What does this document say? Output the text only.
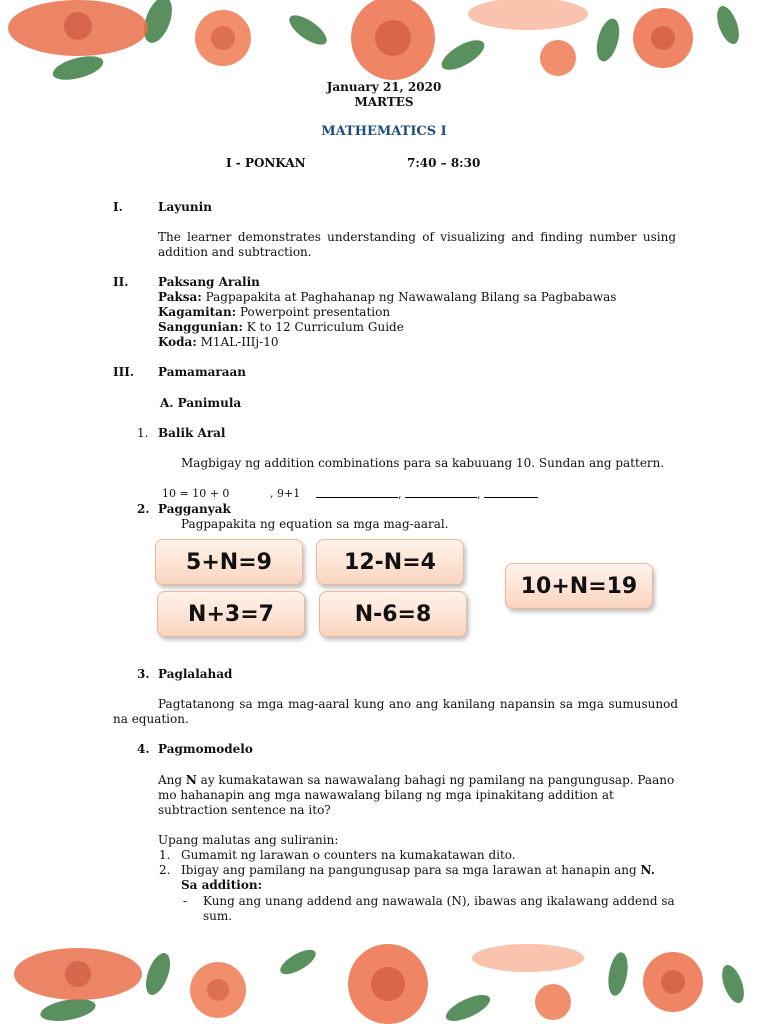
January 21, 2020
MARTES
MATHEMATICS I
I - PONKAN	7:40 – 8:30
I.	Layunin
The learner demonstrates understanding of visualizing and finding number using addition and subtraction.
II. Paksang Aralin
Paksa: Pagpapakita at Paghahanap ng Nawawalang Bilang sa Pagbabawas
Kagamitan: Powerpoint presentation
Sanggunian: K to 12 Curriculum Guide
Koda: M1AL-IIIj-10
III. Pamamaraan
A. Panimula
1. Balik Aral
Magbigay ng addition combinations para sa kabuuang 10. Sundan ang pattern.
10 = 10 + 0	, 9+1	,	,
2. Pagganyak
Pagpapakita ng equation sa mga mag-aaral.
5+N=9	12-N=4
10+N=19
N+3=7	N-6=8
3. Paglalahad
Pagtatanong sa mga mag-aaral kung ano ang kanilang napansin sa mga sumusunod na equation.
4. Pagmomodelo
Ang N ay kumakatawan sa nawawalang bahagi ng pamilang na pangungusap. Paano mo hahanapin ang mga nawawalang bilang ng mga ipinakitang addition at subtraction sentence na ito?
Upang malutas ang suliranin:
1. Gumamit ng larawan o counters na kumakatawan dito.
2. Ibigay ang pamilang na pangungusap para sa mga larawan at hanapin ang N.
Sa addition:
- Kung ang unang addend ang nawawala (N), ibawas ang ikalawang addend sa sum.
